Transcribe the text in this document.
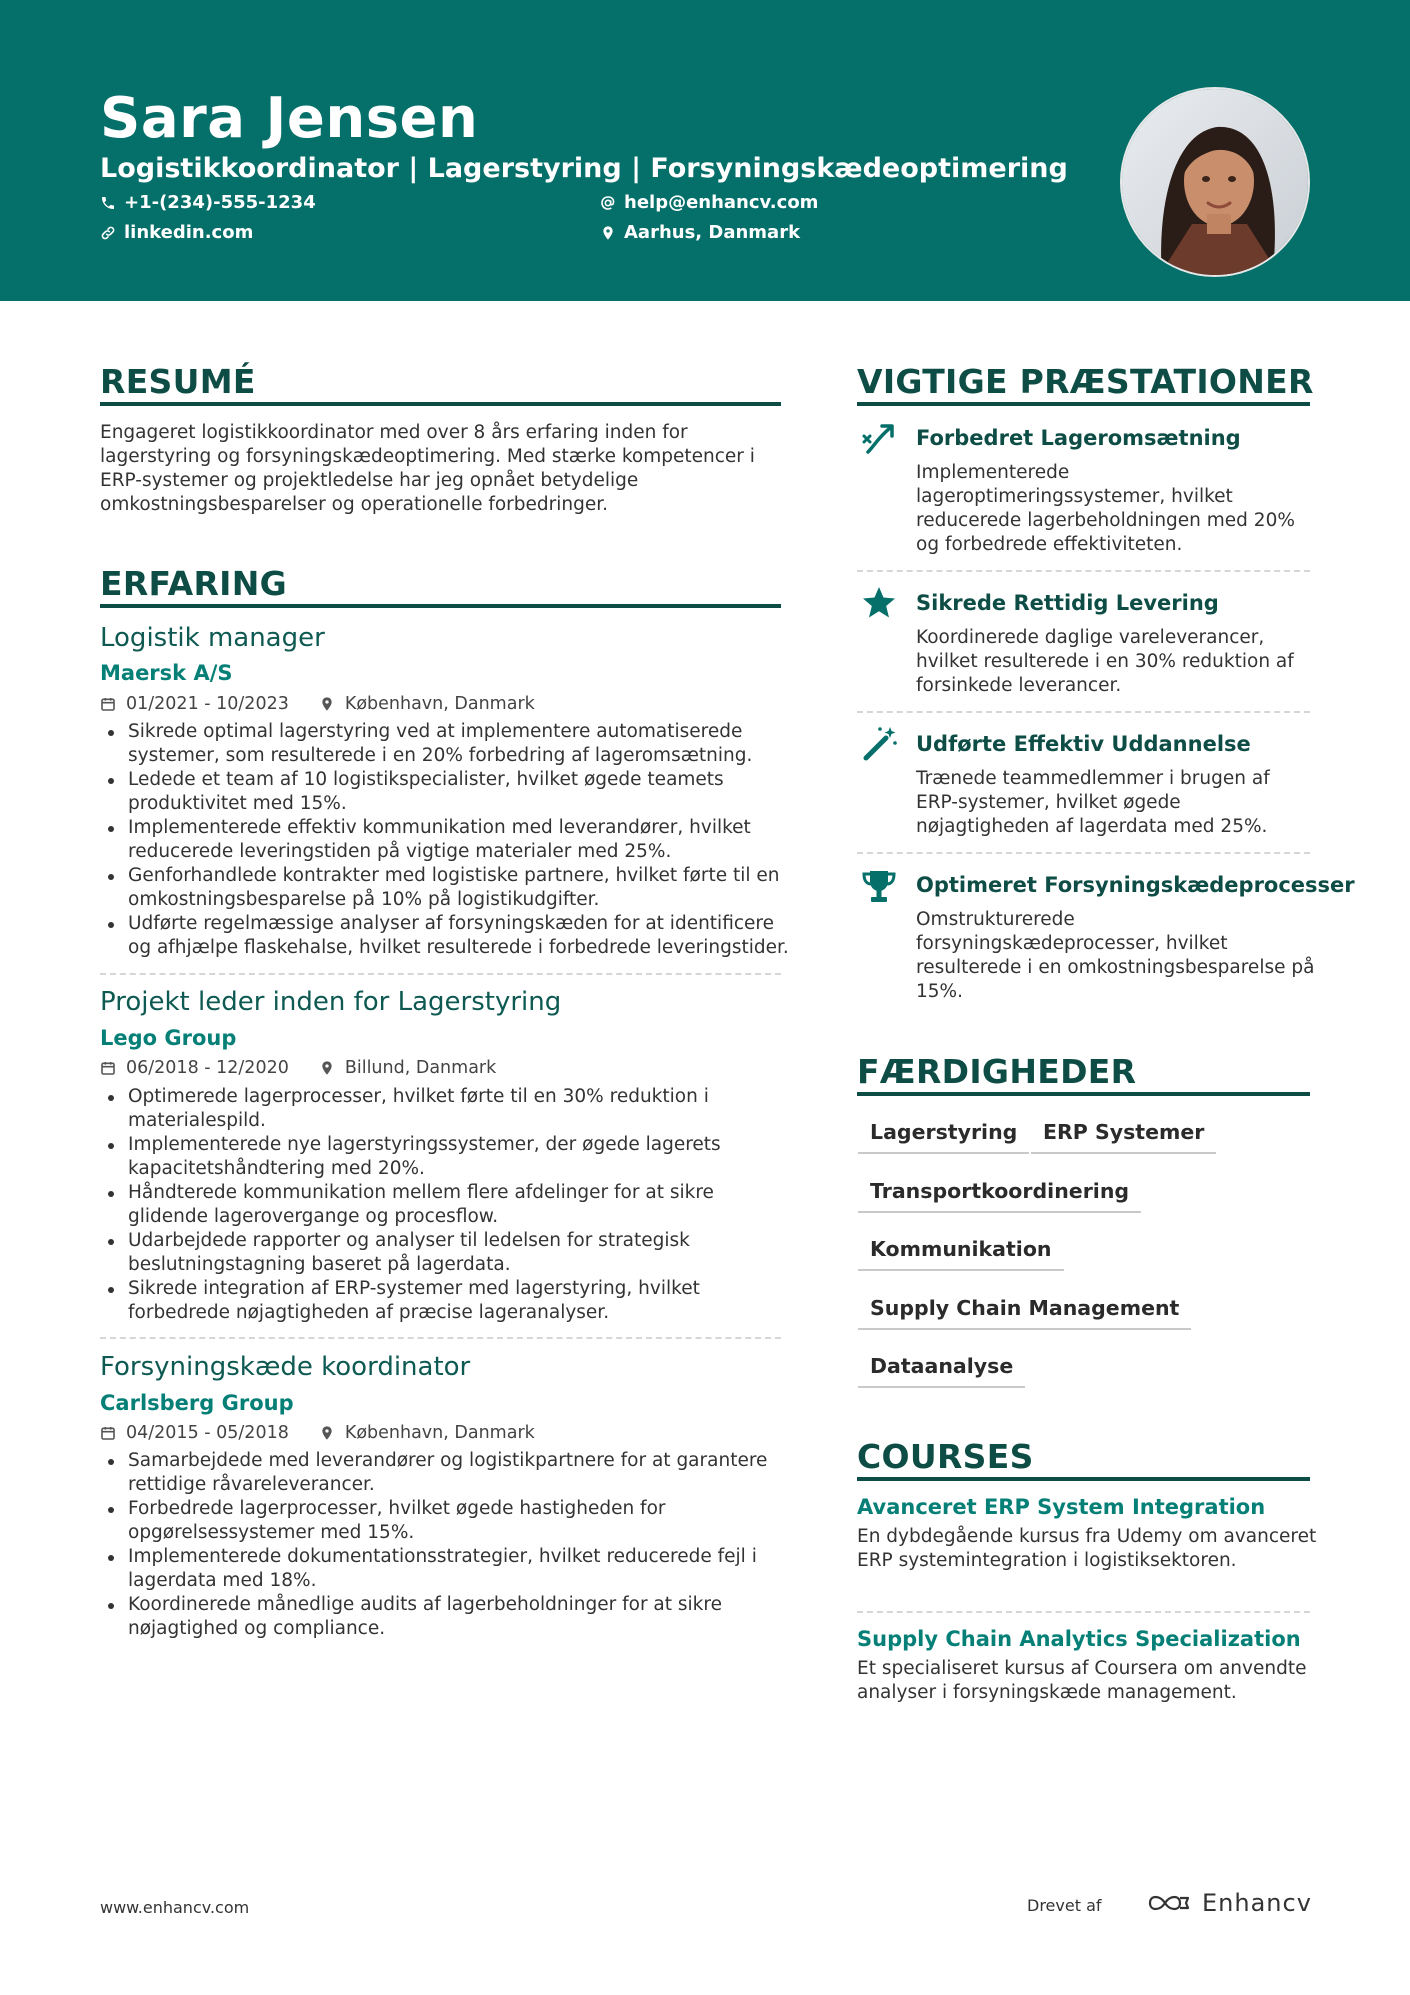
Sara Jensen
Logistikkoordinator | Lagerstyring | Forsyningskædeoptimering
+1-(234)-555-1234	help@enhancv.com
linkedin.com	Aarhus, Danmark
RESUMÉ
Engageret logistikkoordinator med over 8 års erfaring inden for lagerstyring og forsyningskædeoptimering. Med stærke kompetencer i ERP-systemer og projektledelse har jeg opnået betydelige omkostningsbesparelser og operationelle forbedringer.
ERFARING
Logistik manager
Maersk A/S
01/2021 - 10/2023	København, Danmark
Sikrede optimal lagerstyring ved at implementere automatiserede systemer, som resulterede i en 20% forbedring af lageromsætning.
Ledede et team af 10 logistikspecialister, hvilket øgede teamets produktivitet med 15%.
Implementerede effektiv kommunikation med leverandører, hvilket reducerede leveringstiden på vigtige materialer med 25%.
Genforhandlede kontrakter med logistiske partnere, hvilket førte til en omkostningsbesparelse på 10% på logistikudgifter.
Udførte regelmæssige analyser af forsyningskæden for at identificere og afhjælpe flaskehalse, hvilket resulterede i forbedrede leveringstider.
Projekt leder inden for Lagerstyring
Lego Group
06/2018 - 12/2020	Billund, Danmark
Optimerede lagerprocesser, hvilket førte til en 30% reduktion i materialespild.
Implementerede nye lagerstyringssystemer, der øgede lagerets kapacitetshåndtering med 20%.
Håndterede kommunikation mellem flere afdelinger for at sikre glidende lagerovergange og procesflow.
Udarbejdede rapporter og analyser til ledelsen for strategisk beslutningstagning baseret på lagerdata.
Sikrede integration af ERP-systemer med lagerstyring, hvilket forbedrede nøjagtigheden af præcise lageranalyser.
Forsyningskæde koordinator
Carlsberg Group
04/2015 - 05/2018	København, Danmark
Samarbejdede med leverandører og logistikpartnere for at garantere rettidige råvareleverancer.
Forbedrede lagerprocesser, hvilket øgede hastigheden for opgørelsessystemer med 15%.
Implementerede dokumentationsstrategier, hvilket reducerede fejl i lagerdata med 18%.
Koordinerede månedlige audits af lagerbeholdninger for at sikre nøjagtighed og compliance.
VIGTIGE PRÆSTATIONER
Forbedret Lageromsætning
Implementerede lageroptimeringssystemer, hvilket reducerede lagerbeholdningen med 20% og forbedrede effektiviteten.
Sikrede Rettidig Levering
Koordinerede daglige vareleverancer, hvilket resulterede i en 30% reduktion af forsinkede leverancer.
Udførte Effektiv Uddannelse
Trænede teammedlemmer i brugen af ERP-systemer, hvilket øgede nøjagtigheden af lagerdata med 25%.
Optimeret Forsyningskædeprocesser
Omstrukturerede forsyningskædeprocesser, hvilket resulterede i en omkostningsbesparelse på 15%.
FÆRDIGHEDER
Lagerstyring	ERP Systemer
Transportkoordinering
Kommunikation
Supply Chain Management
Dataanalyse
COURSES
Avanceret ERP System Integration
En dybdegående kursus fra Udemy om avanceret ERP systemintegration i logistiksektoren.
Supply Chain Analytics Specialization
Et specialiseret kursus af Coursera om anvendte analyser i forsyningskæde management.
www.enhancv.com	Drevet af	Enhancv
